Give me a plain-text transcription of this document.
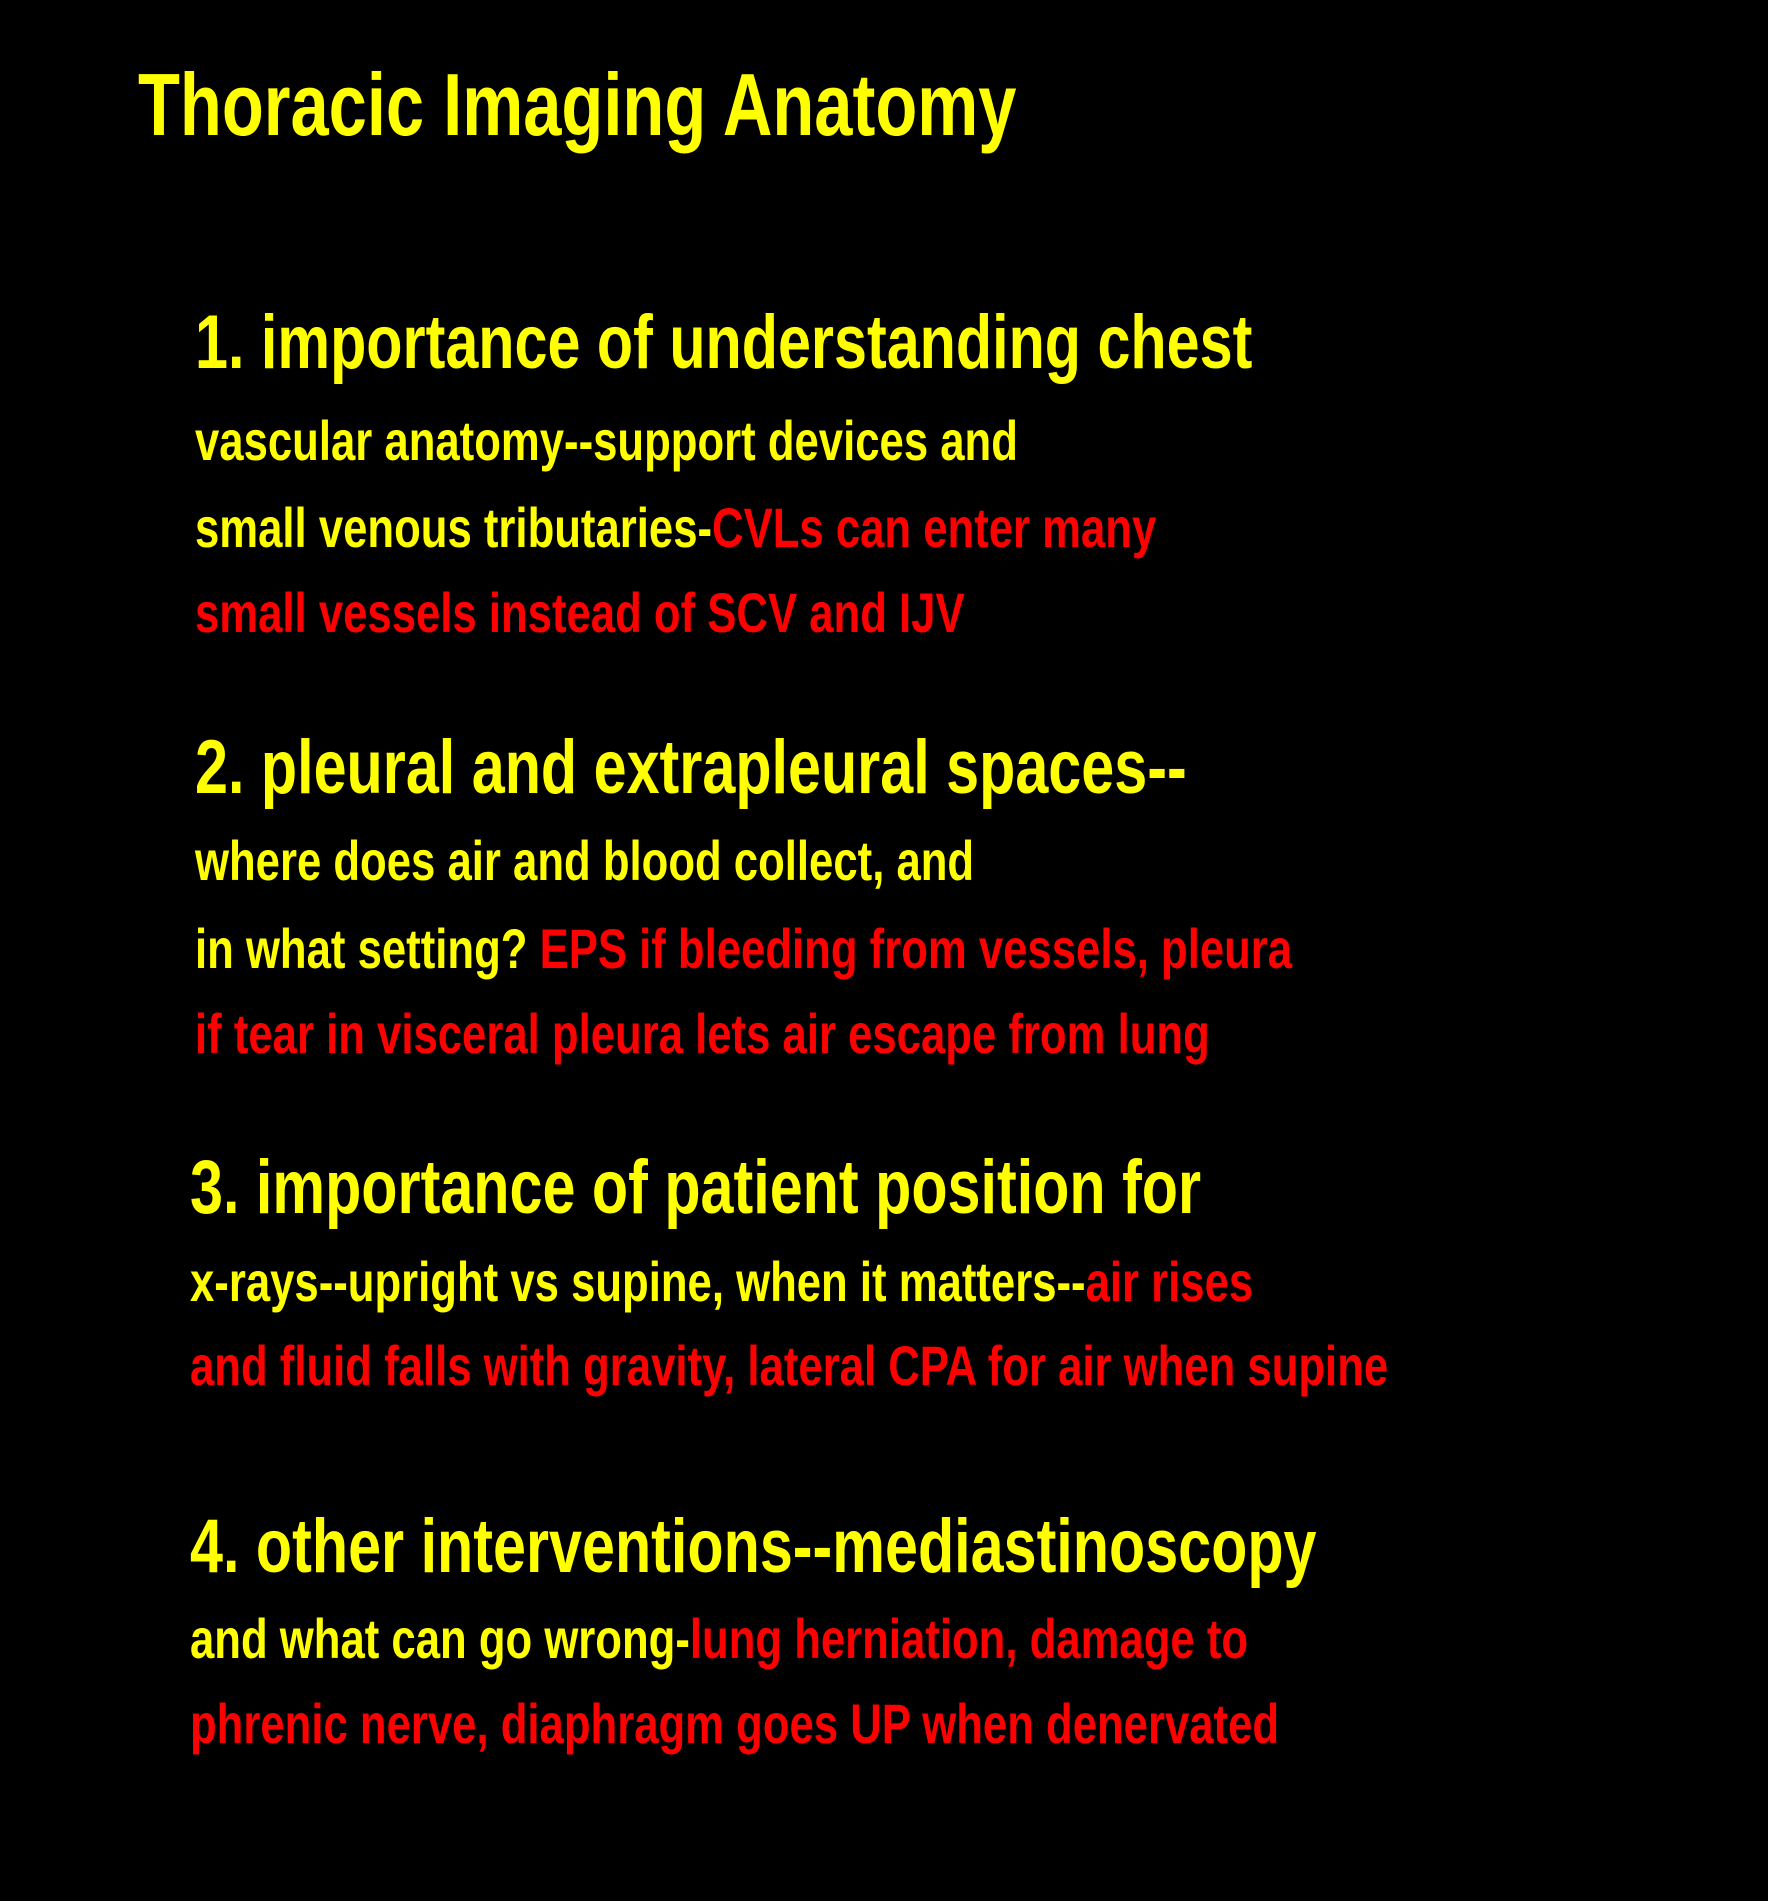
Thoracic Imaging Anatomy

1. importance of understanding chest

vascular anatomy--support devices and

small venous tributaries-CVLs can enter many

small vessels instead of SCV and IJV

2. pleural and extrapleural spaces--

where does air and blood collect, and

in what setting? EPS if bleeding from vessels, pleura

if tear in visceral pleura lets air escape from lung

3. importance of patient position for

x-rays--upright vs supine, when it matters--air rises

and fluid falls with gravity, lateral CPA for air when supine

4. other interventions--mediastinoscopy

and what can go wrong-lung herniation, damage to

phrenic nerve, diaphragm goes UP when denervated
